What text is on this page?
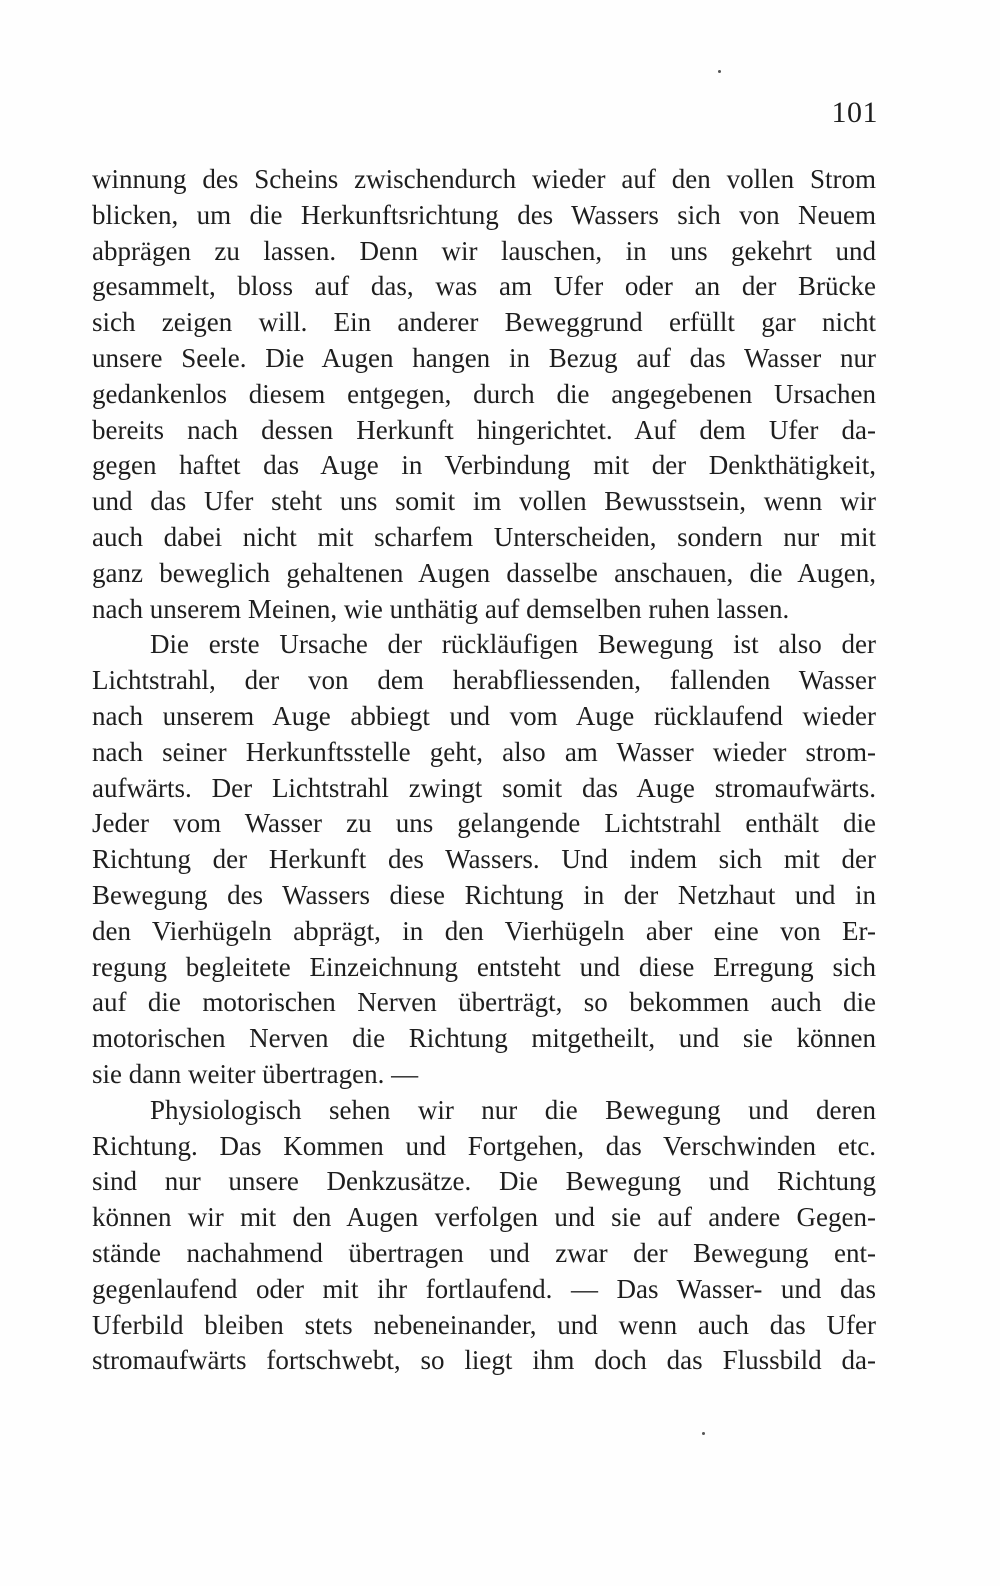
101
winnung des Scheins zwischendurch wieder auf den vollen Strom
blicken, um die Herkunftsrichtung des Wassers sich von Neuem
abprägen zu lassen. Denn wir lauschen, in uns gekehrt und
gesammelt, bloss auf das, was am Ufer oder an der Brücke
sich zeigen will. Ein anderer Beweggrund erfüllt gar nicht
unsere Seele. Die Augen hangen in Bezug auf das Wasser nur
gedankenlos diesem entgegen, durch die angegebenen Ursachen
bereits nach dessen Herkunft hingerichtet. Auf dem Ufer da-
gegen haftet das Auge in Verbindung mit der Denkthätigkeit,
und das Ufer steht uns somit im vollen Bewusstsein, wenn wir
auch dabei nicht mit scharfem Unterscheiden, sondern nur mit
ganz beweglich gehaltenen Augen dasselbe anschauen, die Augen,
nach unserem Meinen, wie unthätig auf demselben ruhen lassen.
Die erste Ursache der rückläufigen Bewegung ist also der
Lichtstrahl, der von dem herabfliessenden, fallenden Wasser
nach unserem Auge abbiegt und vom Auge rücklaufend wieder
nach seiner Herkunftsstelle geht, also am Wasser wieder strom-
aufwärts. Der Lichtstrahl zwingt somit das Auge stromaufwärts.
Jeder vom Wasser zu uns gelangende Lichtstrahl enthält die
Richtung der Herkunft des Wassers. Und indem sich mit der
Bewegung des Wassers diese Richtung in der Netzhaut und in
den Vierhügeln abprägt, in den Vierhügeln aber eine von Er-
regung begleitete Einzeichnung entsteht und diese Erregung sich
auf die motorischen Nerven überträgt, so bekommen auch die
motorischen Nerven die Richtung mitgetheilt, und sie können
sie dann weiter übertragen. —
Physiologisch sehen wir nur die Bewegung und deren
Richtung. Das Kommen und Fortgehen, das Verschwinden etc.
sind nur unsere Denkzusätze. Die Bewegung und Richtung
können wir mit den Augen verfolgen und sie auf andere Gegen-
stände nachahmend übertragen und zwar der Bewegung ent-
gegenlaufend oder mit ihr fortlaufend. — Das Wasser- und das
Uferbild bleiben stets nebeneinander, und wenn auch das Ufer
stromaufwärts fortschwebt, so liegt ihm doch das Flussbild da-
